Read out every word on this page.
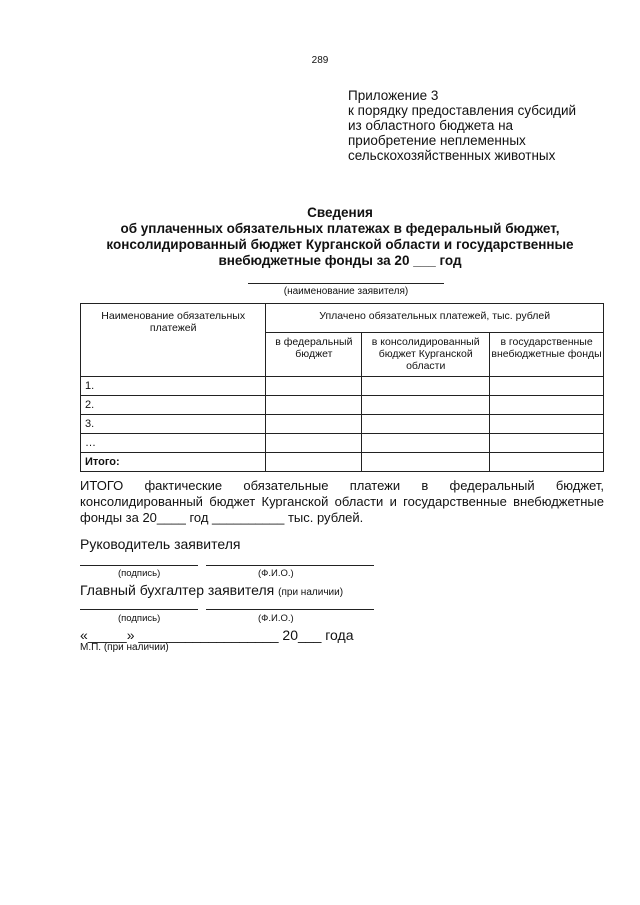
289
Приложение 3
к порядку предоставления субсидий
из областного бюджета на
приобретение неплеменных
сельскохозяйственных животных
Сведения
об уплаченных обязательных платежах в федеральный бюджет,
консолидированный бюджет Курганской области и государственные
внебюджетные фонды за 20 ___ год
(наименование заявителя)
Наименование обязательных платежей	Уплачено обязательных платежей, тыс. рублей		
	в федеральный бюджет	в консолидированный бюджет Курганской области	в государственные внебюджетные фонды
1.			
2.			
3.			
…			
Итого:			
ИТОГО фактические обязательные платежи в федеральный бюджет,
консолидированный бюджет Курганской области и государственные внебюджетные
фонды за 20____ год __________ тыс. рублей.
Руководитель заявителя
(подпись)	(Ф.И.О.)
Главный бухгалтер заявителя (при наличии)
(подпись)	(Ф.И.О.)
«_____» __________________ 20___ года
М.П. (при наличии)
